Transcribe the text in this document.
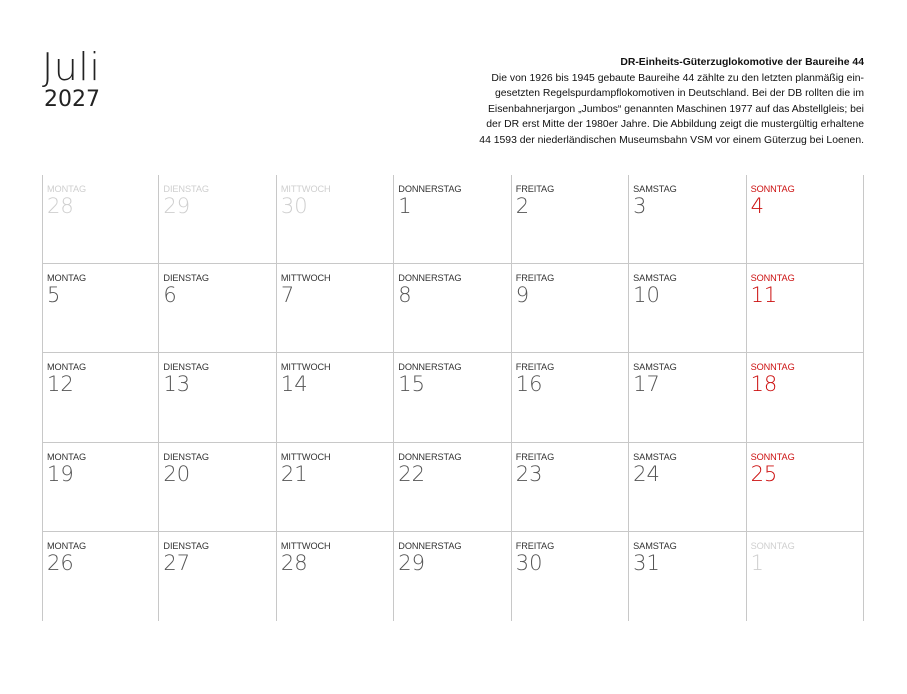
Juli
2027
DR-Einheits-Güterzuglokomotive der Baureihe 44
Die von 1926 bis 1945 gebaute Baureihe 44 zählte zu den letzten planmäßig ein-
gesetzten Regelspurdampflokomotiven in Deutschland. Bei der DB rollten die im
Eisenbahnerjargon „Jumbos“ genannten Maschinen 1977 auf das Abstellgleis; bei
der DR erst Mitte der 1980er Jahre. Die Abbildung zeigt die mustergültig erhaltene
44 1593 der niederländischen Museumsbahn VSM vor einem Güterzug bei Loenen.
MONTAG
28
DIENSTAG
29
MITTWOCH
30
DONNERSTAG
1
FREITAG
2
SAMSTAG
3
SONNTAG
4
MONTAG
5
DIENSTAG
6
MITTWOCH
7
DONNERSTAG
8
FREITAG
9
SAMSTAG
10
SONNTAG
11
MONTAG
12
DIENSTAG
13
MITTWOCH
14
DONNERSTAG
15
FREITAG
16
SAMSTAG
17
SONNTAG
18
MONTAG
19
DIENSTAG
20
MITTWOCH
21
DONNERSTAG
22
FREITAG
23
SAMSTAG
24
SONNTAG
25
MONTAG
26
DIENSTAG
27
MITTWOCH
28
DONNERSTAG
29
FREITAG
30
SAMSTAG
31
SONNTAG
1
